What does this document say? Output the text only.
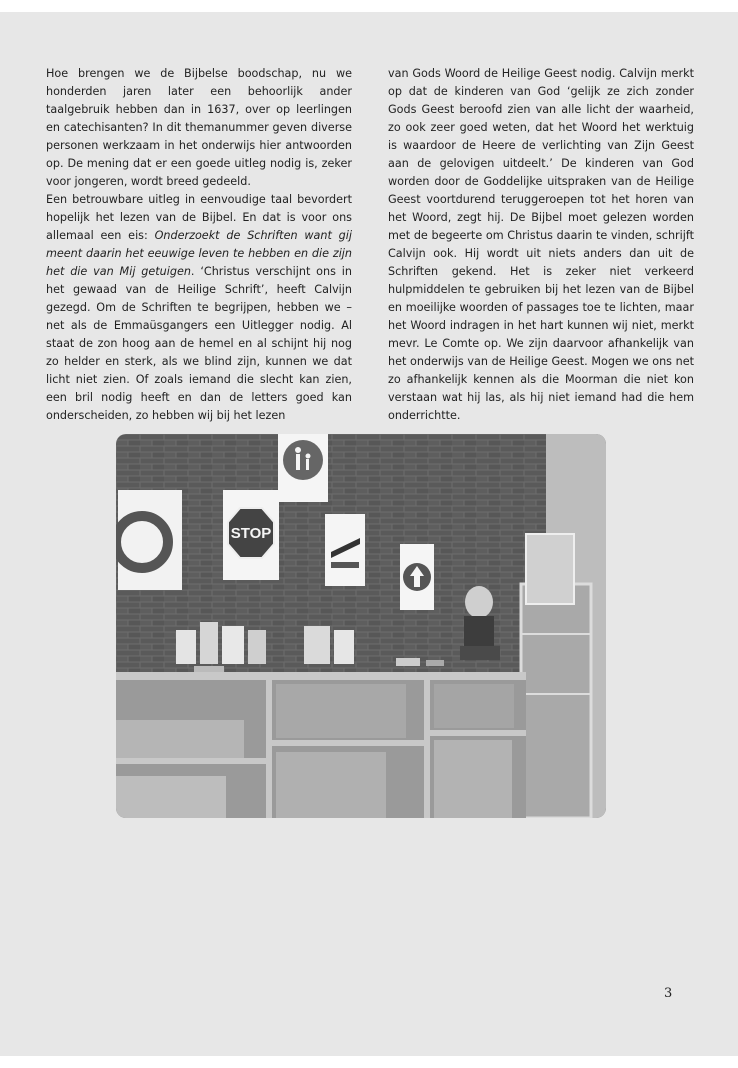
Hoe brengen we de Bijbelse boodschap, nu we honderden jaren later een behoorlijk ander taalgebruik hebben dan in 1637, over op leerlingen en catechisanten? In dit themanummer geven diverse personen werkzaam in het onderwijs hier antwoorden op. De mening dat er een goede uitleg nodig is, zeker voor jongeren, wordt breed gedeeld.

Een betrouwbare uitleg in eenvoudige taal bevordert hopelijk het lezen van de Bijbel. En dat is voor ons allemaal een eis: Onderzoekt de Schriften want gij meent daarin het eeuwige leven te hebben en die zijn het die van Mij getuigen. ‘Christus verschijnt ons in het gewaad van de Heilige Schrift’, heeft Calvijn gezegd. Om de Schriften te begrijpen, hebben we – net als de Emmaüsgangers een Uitlegger nodig. Al staat de zon hoog aan de hemel en al schijnt hij nog zo helder en sterk, als we blind zijn, kunnen we dat licht niet zien. Of zoals iemand die slecht kan zien, een bril nodig heeft en dan de letters goed kan onderscheiden, zo hebben wij bij het lezen

van Gods Woord de Heilige Geest nodig. Calvijn merkt op dat de kinderen van God ‘gelijk ze zich zonder Gods Geest beroofd zien van alle licht der waarheid, zo ook zeer goed weten, dat het Woord het werktuig is waardoor de Heere de verlichting van Zijn Geest aan de gelovigen uitdeelt.’ De kinderen van God worden door de Goddelijke uitspraken van de Heilige Geest voortdurend teruggeroepen tot het horen van het Woord, zegt hij. De Bijbel moet gelezen worden met de begeerte om Christus daarin te vinden, schrijft Calvijn ook. Hij wordt uit niets anders dan uit de Schriften gekend. Het is zeker niet verkeerd hulpmiddelen te gebruiken bij het lezen van de Bijbel en moeilijke woorden of passages toe te lichten, maar het Woord indragen in het hart kunnen wij niet, merkt mevr. Le Comte op. We zijn daarvoor afhankelijk van het onderwijs van de Heilige Geest. Mogen we ons net zo afhankelijk kennen als die Moorman die niet kon verstaan wat hij las, als hij niet iemand had die hem onderrichtte.

STOP
3
